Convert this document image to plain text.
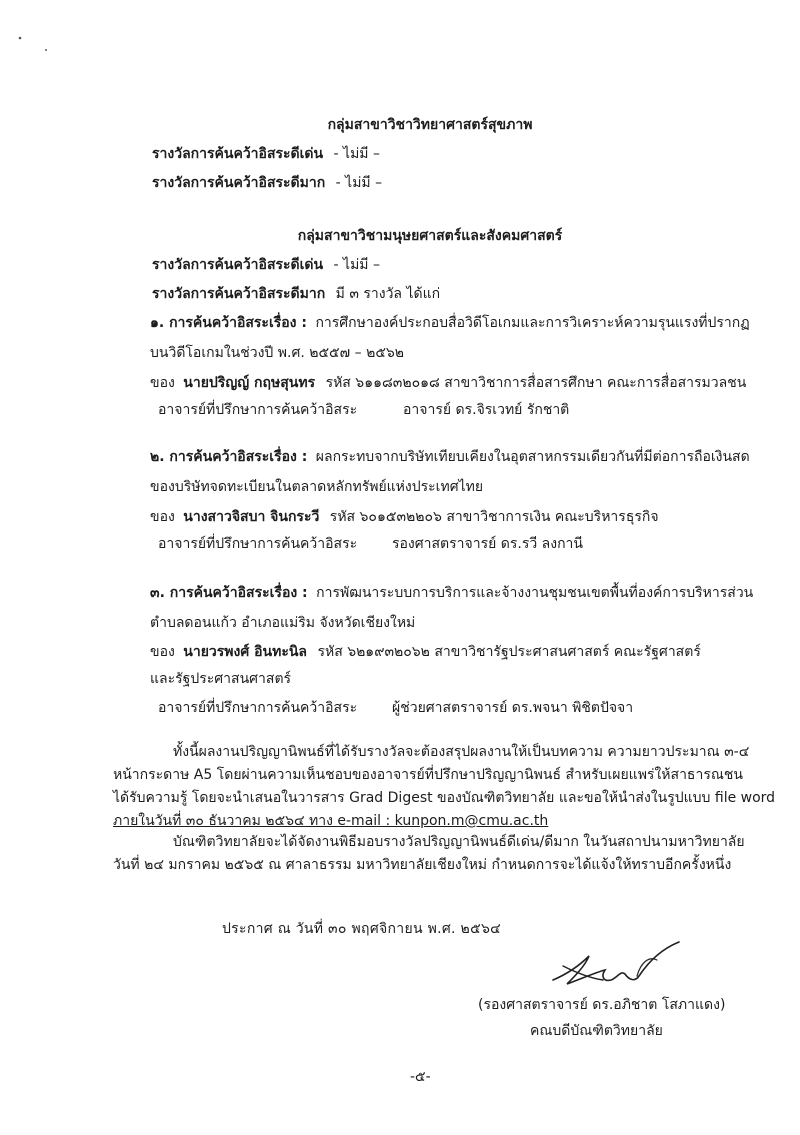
กลุ่มสาขาวิชาวิทยาศาสตร์สุขภาพ
รางวัลการค้นคว้าอิสระดีเด่น - ไม่มี –
รางวัลการค้นคว้าอิสระดีมาก - ไม่มี –
กลุ่มสาขาวิชามนุษยศาสตร์และสังคมศาสตร์
รางวัลการค้นคว้าอิสระดีเด่น - ไม่มี –
รางวัลการค้นคว้าอิสระดีมาก มี ๓ รางวัล ได้แก่
๑. การค้นคว้าอิสระเรื่อง : การศึกษาองค์ประกอบสื่อวิดีโอเกมและการวิเคราะห์ความรุนแรงที่ปรากฏ
บนวิดีโอเกมในช่วงปี พ.ศ. ๒๕๕๗ – ๒๕๖๒
ของ นายปริญญ์ กฤษสุนทร รหัส ๖๑๑๘๓๒๐๑๘ สาขาวิชาการสื่อสารศึกษา คณะการสื่อสารมวลชน
อาจารย์ที่ปรึกษาการค้นคว้าอิสระ	อาจารย์ ดร.จิรเวทย์ รักชาติ
๒. การค้นคว้าอิสระเรื่อง : ผลกระทบจากบริษัทเทียบเคียงในอุตสาหกรรมเดียวกันที่มีต่อการถือเงินสด
ของบริษัทจดทะเบียนในตลาดหลักทรัพย์แห่งประเทศไทย
ของ นางสาวจิสบา จินกระวี รหัส ๖๐๑๕๓๒๒๐๖ สาขาวิชาการเงิน คณะบริหารธุรกิจ
อาจารย์ที่ปรึกษาการค้นคว้าอิสระ รองศาสตราจารย์ ดร.รวี ลงกานี
๓. การค้นคว้าอิสระเรื่อง : การพัฒนาระบบการบริการและจ้างงานชุมชนเขตพื้นที่องค์การบริหารส่วน
ตำบลดอนแก้ว อำเภอแม่ริม จังหวัดเชียงใหม่
ของ นายวรพงศ์ อินทะนิล รหัส ๖๒๑๙๓๒๐๖๒ สาขาวิชารัฐประศาสนศาสตร์ คณะรัฐศาสตร์
และรัฐประศาสนศาสตร์
อาจารย์ที่ปรึกษาการค้นคว้าอิสระ ผู้ช่วยศาสตราจารย์ ดร.พจนา พิชิตปัจจา
ทั้งนี้ผลงานปริญญานิพนธ์ที่ได้รับรางวัลจะต้องสรุปผลงานให้เป็นบทความ ความยาวประมาณ ๓-๔
หน้ากระดาษ A5 โดยผ่านความเห็นชอบของอาจารย์ที่ปรึกษาปริญญานิพนธ์ สำหรับเผยแพร่ให้สาธารณชน
ได้รับความรู้ โดยจะนำเสนอในวารสาร Grad Digest ของบัณฑิตวิทยาลัย และขอให้นำส่งในรูปแบบ file word
ภายในวันที่ ๓๐ ธันวาคม ๒๕๖๔ ทาง e-mail : kunpon.m@cmu.ac.th
บัณฑิตวิทยาลัยจะได้จัดงานพิธีมอบรางวัลปริญญานิพนธ์ดีเด่น/ดีมาก ในวันสถาปนามหาวิทยาลัย
วันที่ ๒๔ มกราคม ๒๕๖๕ ณ ศาลาธรรม มหาวิทยาลัยเชียงใหม่ กำหนดการจะได้แจ้งให้ทราบอีกครั้งหนึ่ง
ประกาศ ณ วันที่ ๓๐ พฤศจิกายน พ.ศ. ๒๕๖๔
(รองศาสตราจารย์ ดร.อภิชาต โสภาแดง)
คณบดีบัณฑิตวิทยาลัย
-๕-
